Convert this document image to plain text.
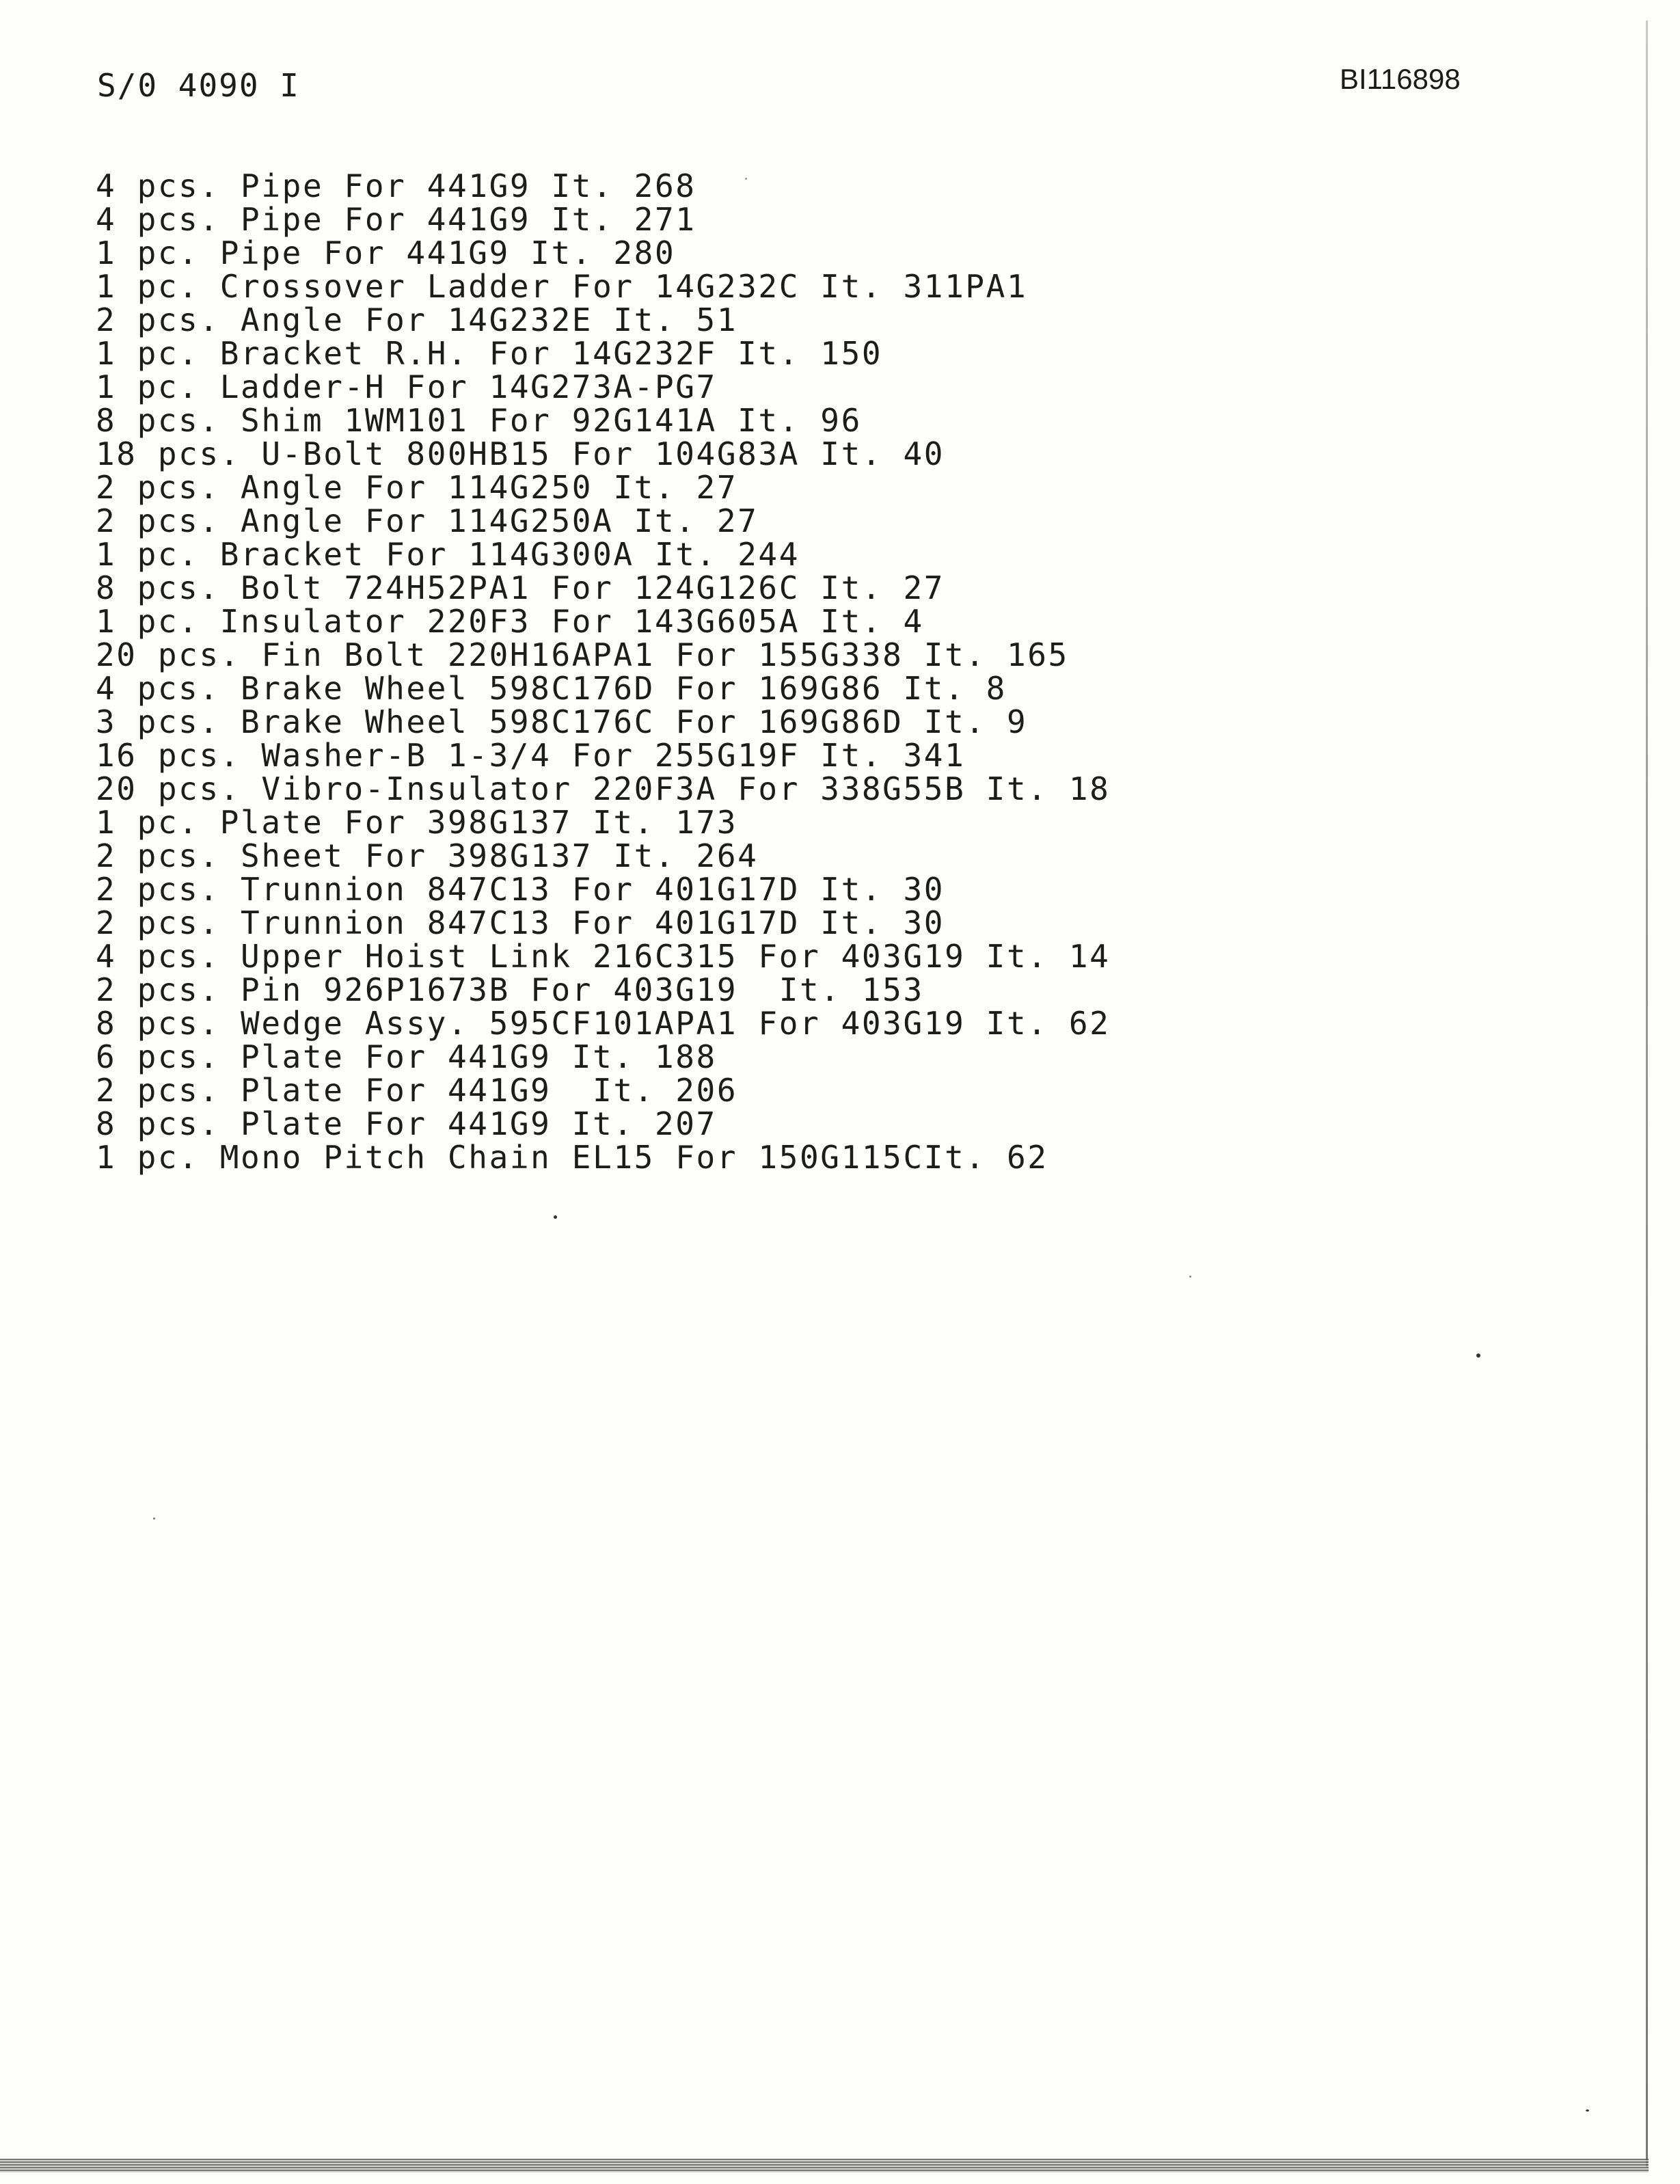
S/0 4090 I	BI116898
4 pcs. Pipe For 441G9 It. 268
4 pcs. Pipe For 441G9 It. 271
1 pc. Pipe For 441G9 It. 280
1 pc. Crossover Ladder For 14G232C It. 311PA1
2 pcs. Angle For 14G232E It. 51
1 pc. Bracket R.H. For 14G232F It. 150
1 pc. Ladder-H For 14G273A-PG7
8 pcs. Shim 1WM101 For 92G141A It. 96
18 pcs. U-Bolt 800HB15 For 104G83A It. 40
2 pcs. Angle For 114G250 It. 27
2 pcs. Angle For 114G250A It. 27
1 pc. Bracket For 114G300A It. 244
8 pcs. Bolt 724H52PA1 For 124G126C It. 27
1 pc. Insulator 220F3 For 143G605A It. 4
20 pcs. Fin Bolt 220H16APA1 For 155G338 It. 165
4 pcs. Brake Wheel 598C176D For 169G86 It. 8
3 pcs. Brake Wheel 598C176C For 169G86D It. 9
16 pcs. Washer-B 1-3/4 For 255G19F It. 341
20 pcs. Vibro-Insulator 220F3A For 338G55B It. 18
1 pc. Plate For 398G137 It. 173
2 pcs. Sheet For 398G137 It. 264
2 pcs. Trunnion 847C13 For 401G17D It. 30
2 pcs. Trunnion 847C13 For 401G17D It. 30
4 pcs. Upper Hoist Link 216C315 For 403G19 It. 14
2 pcs. Pin 926P1673B For 403G19  It. 153
8 pcs. Wedge Assy. 595CF101APA1 For 403G19 It. 62
6 pcs. Plate For 441G9 It. 188
2 pcs. Plate For 441G9  It. 206
8 pcs. Plate For 441G9 It. 207
1 pc. Mono Pitch Chain EL15 For 150G115CIt. 62
